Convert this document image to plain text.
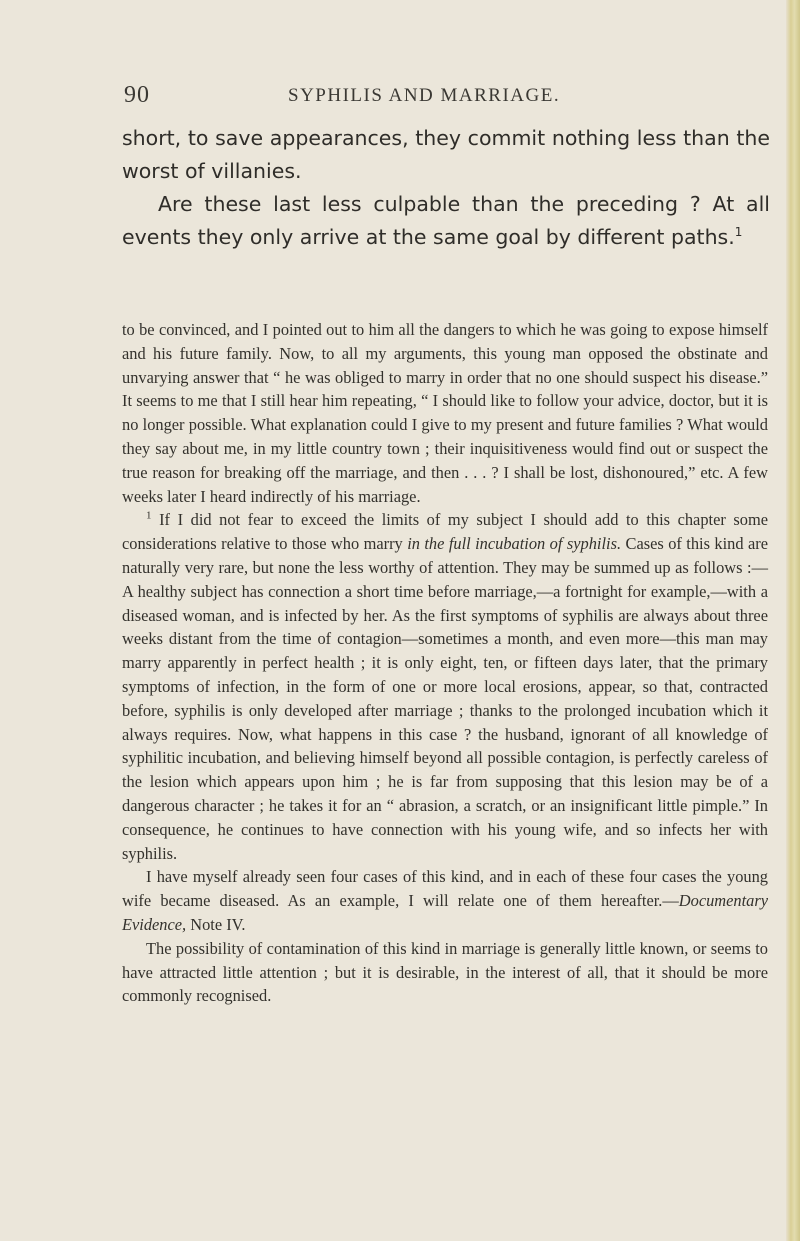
90	SYPHILIS AND MARRIAGE.

short, to save appearances, they commit nothing less than the worst of villanies.

Are these last less culpable than the preceding ? At all events they only arrive at the same goal by different paths.$^1$

to be convinced, and I pointed out to him all the dangers to which he was going to expose himself and his future family. Now, to all my arguments, this young man opposed the obstinate and unvarying answer that “ he was obliged to marry in order that no one should suspect his disease.” It seems to me that I still hear him repeating, “ I should like to follow your advice, doctor, but it is no longer possible. What explanation could I give to my present and future families ? What would they say about me, in my little country town ; their inquisitiveness would find out or suspect the true reason for breaking off the marriage, and then . . . ? I shall be lost, dishonoured,” etc. A few weeks later I heard indirectly of his marriage.

$^1$ If I did not fear to exceed the limits of my subject I should add to this chapter some considerations relative to those who marry in the full incubation of syphilis. Cases of this kind are naturally very rare, but none the less worthy of attention. They may be summed up as follows :—A healthy subject has connection a short time before marriage,—a fortnight for example,—with a diseased woman, and is infected by her. As the first symptoms of syphilis are always about three weeks distant from the time of contagion—sometimes a month, and even more—this man may marry apparently in perfect health ; it is only eight, ten, or fifteen days later, that the primary symptoms of infection, in the form of one or more local erosions, appear, so that, contracted before, syphilis is only developed after marriage ; thanks to the prolonged incubation which it always requires. Now, what happens in this case ? the husband, ignorant of all knowledge of syphilitic incubation, and believing himself beyond all possible contagion, is perfectly careless of the lesion which appears upon him ; he is far from supposing that this lesion may be of a dangerous character ; he takes it for an “ abrasion, a scratch, or an insignificant little pimple.” In consequence, he continues to have connection with his young wife, and so infects her with syphilis.

I have myself already seen four cases of this kind, and in each of these four cases the young wife became diseased. As an example, I will relate one of them hereafter.—Documentary Evidence, Note IV.

The possibility of contamination of this kind in marriage is generally little known, or seems to have attracted little attention ; but it is desirable, in the interest of all, that it should be more commonly recognised.
